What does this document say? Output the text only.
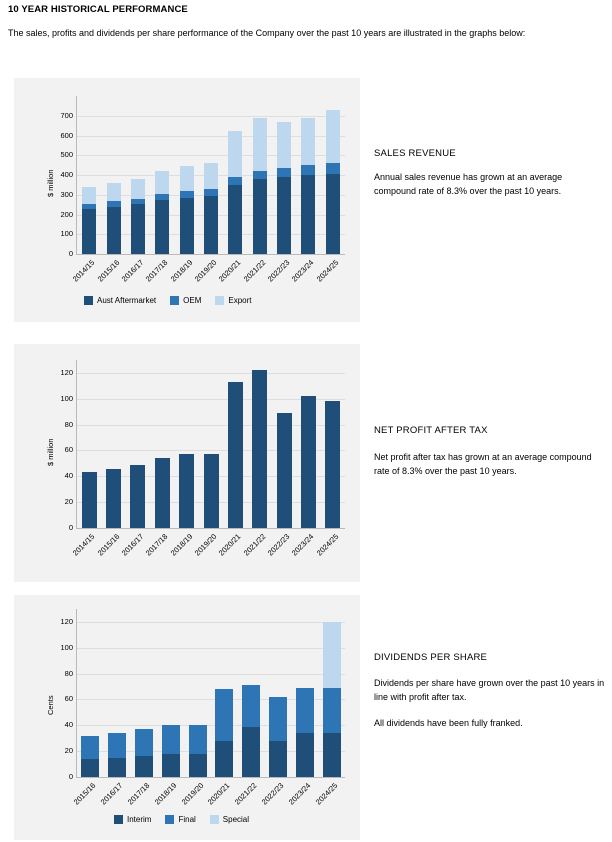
10 YEAR HISTORICAL PERFORMANCE
The sales, profits and dividends per share performance of the Company over the past 10 years are illustrated in the graphs below:
$ million
0
100
200
300
400
500
600
700
2014/15
2015/16
2016/17
2017/18
2018/19
2019/20
2020/21
2021/22
2022/23
2023/24
2024/25
Aust Aftermarket	OEM	Export
SALES REVENUE
Annual sales revenue has grown at an average compound rate of 8.3% over the past 10 years.
$ million
0
20
40
60
80
100
120
2014/15
2015/16
2016/17
2017/18
2018/19
2019/20
2020/21
2021/22
2022/23
2023/24
2024/25
NET PROFIT AFTER TAX
Net profit after tax has grown at an average compound rate of 8.3% over the past 10 years.
Cents
0
20
40
60
80
100
120
2015/16 2016/17 2017/18 2018/19 2019/20 2020/21 2021/22 2022/23 2023/24 2024/25
Interim	Final	Special
DIVIDENDS PER SHARE
Dividends per share have grown over the past 10 years in line with profit after tax.
All dividends have been fully franked.
